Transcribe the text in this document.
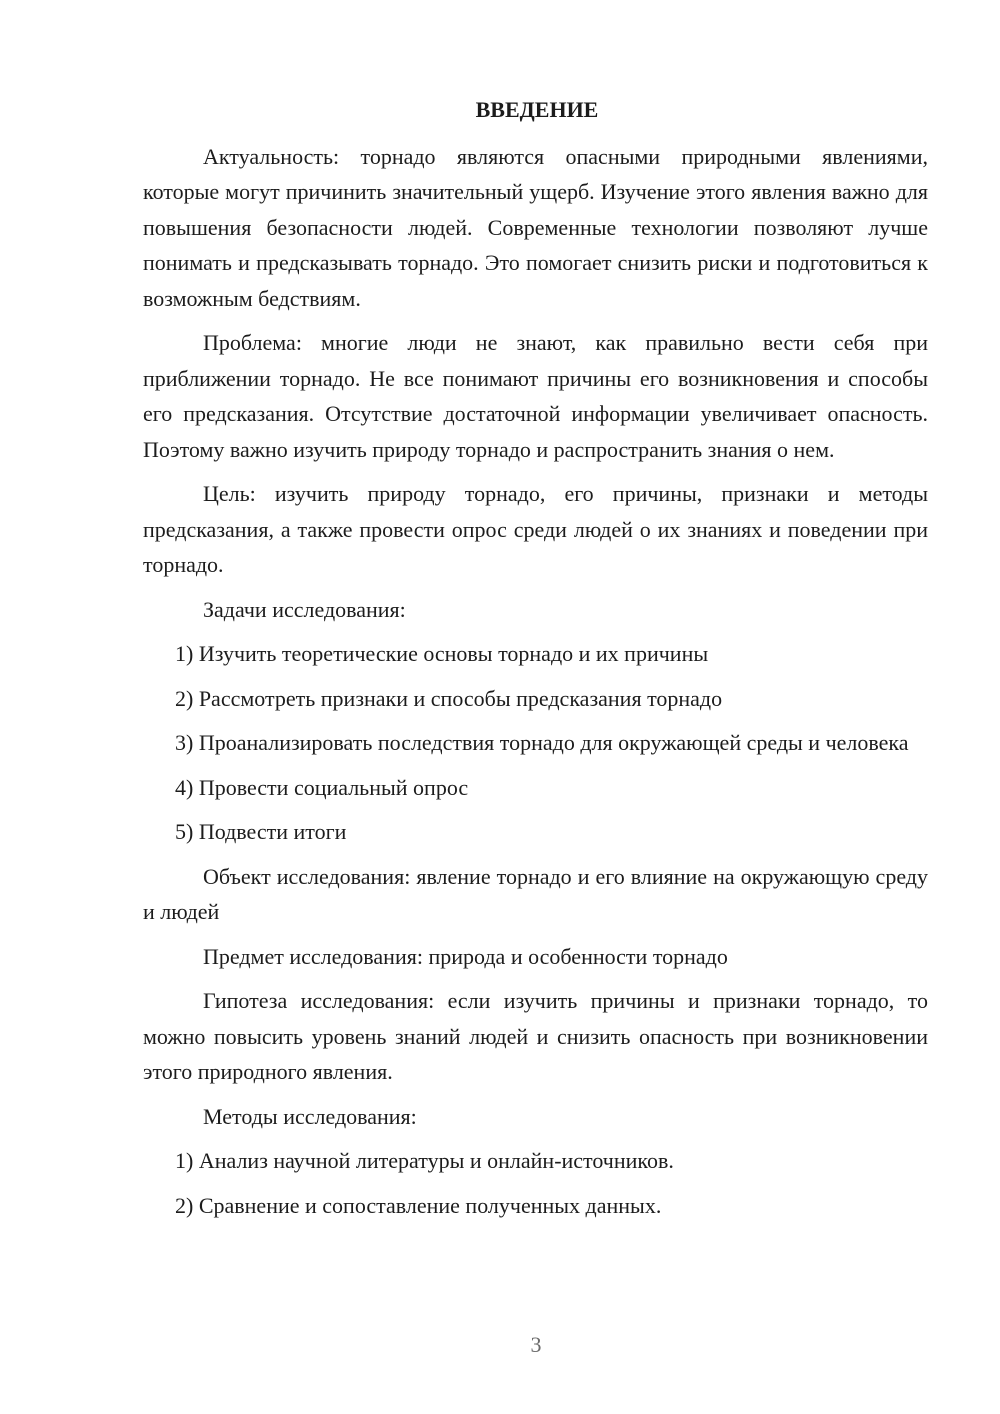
ВВЕДЕНИЕ

Актуальность: торнадо являются опасными природными явлениями, которые могут причинить значительный ущерб. Изучение этого явления важно для повышения безопасности людей. Современные технологии позволяют лучше понимать и предсказывать торнадо. Это помогает снизить риски и подготовиться к возможным бедствиям.

Проблема: многие люди не знают, как правильно вести себя при приближении торнадо. Не все понимают причины его возникновения и способы его предсказания. Отсутствие достаточной информации увеличивает опасность. Поэтому важно изучить природу торнадо и распространить знания о нем.

Цель: изучить природу торнадо, его причины, признаки и методы предсказания, а также провести опрос среди людей о их знаниях и поведении при торнадо.

Задачи исследования:

1) Изучить теоретические основы торнадо и их причины

2) Рассмотреть признаки и способы предсказания торнадо

3) Проанализировать последствия торнадо для окружающей среды и человека

4) Провести социальный опрос

5) Подвести итоги

Объект исследования: явление торнадо и его влияние на окружающую среду и людей

Предмет исследования: природа и особенности торнадо

Гипотеза исследования: если изучить причины и признаки торнадо, то можно повысить уровень знаний людей и снизить опасность при возникновении этого природного явления.

Методы исследования:

1) Анализ научной литературы и онлайн-источников.

2) Сравнение и сопоставление полученных данных.

3
